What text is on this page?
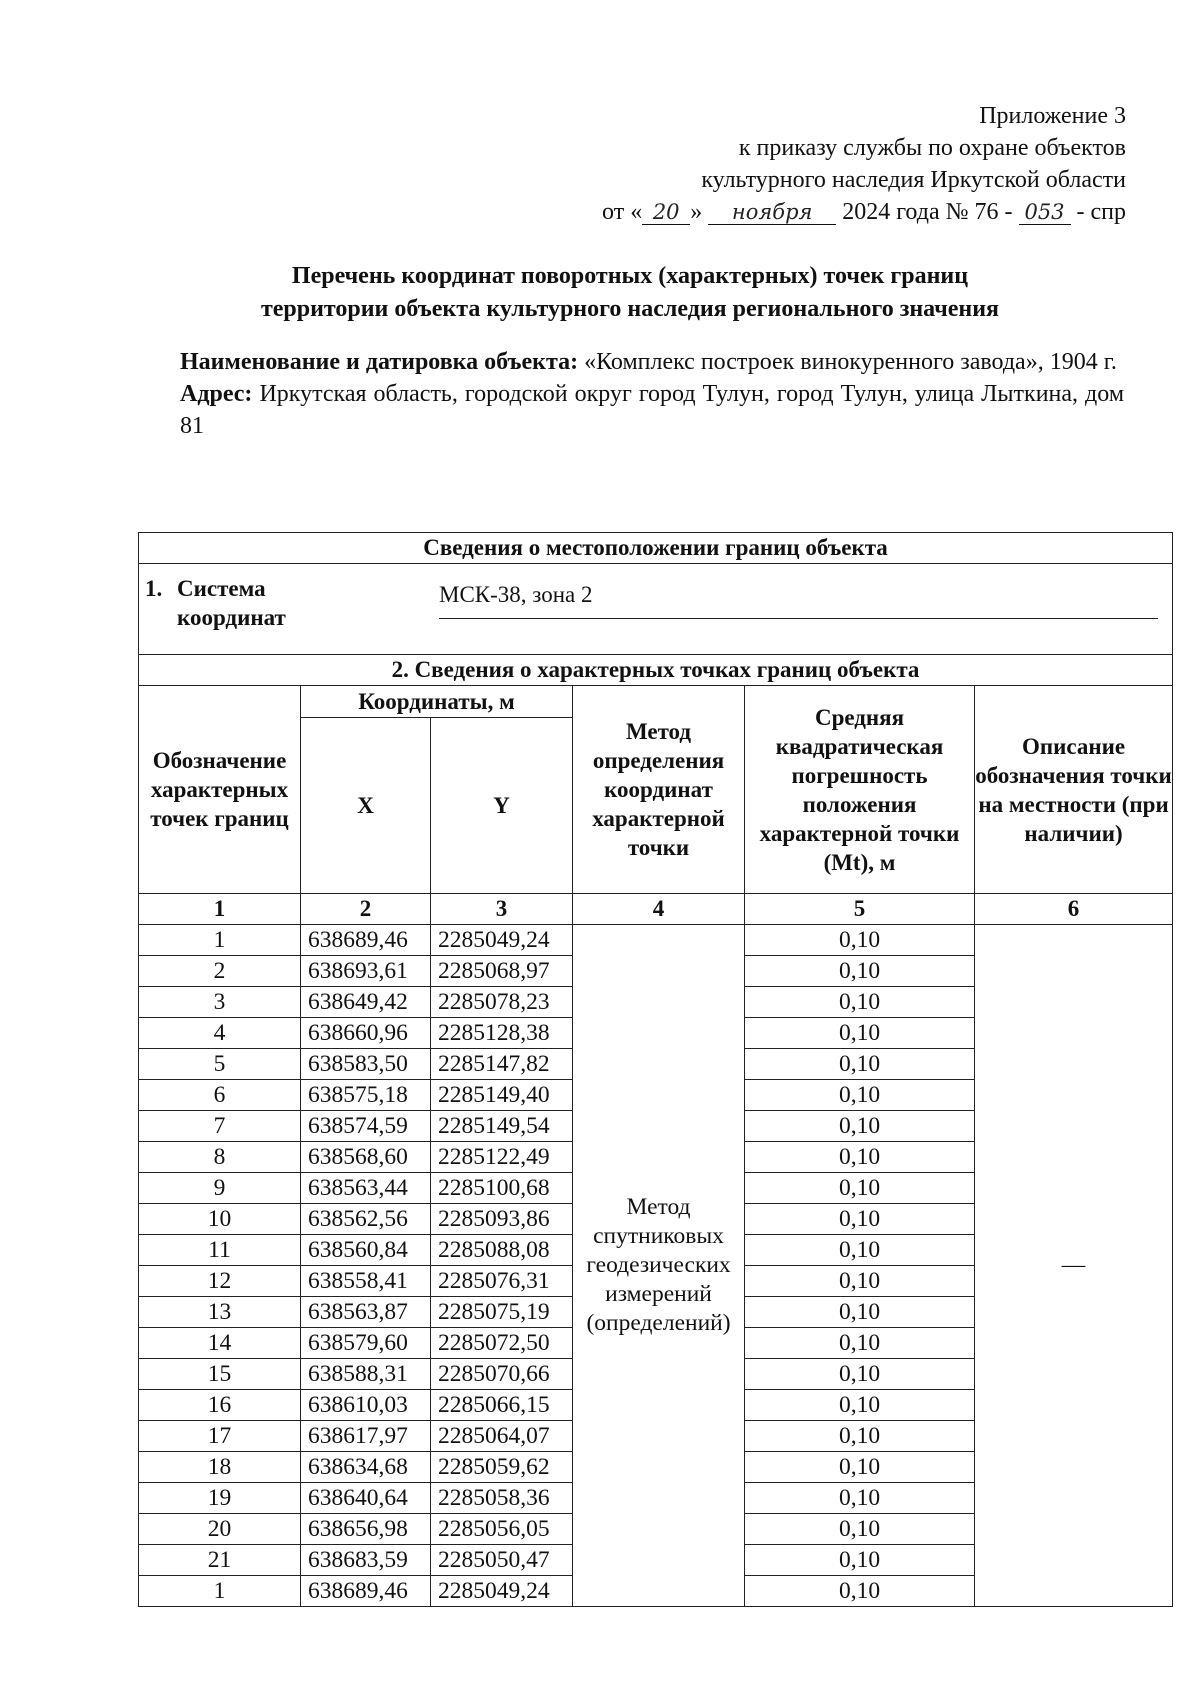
Приложение 3
к приказу службы по охране объектов
культурного наследия Иркутской области
от « 20 » ноября 2024 года № 76 - 053 - спр
Перечень координат поворотных (характерных) точек границ
территории объекта культурного наследия регионального значения

Наименование и датировка объекта: «Комплекс построек винокуренного завода», 1904 г.

Адрес: Иркутская область, городской округ город Тулун, город Тулун, улица Лыткина, дом 81

Сведения о местоположении границ объекта					

1. Система
координат
МСК-38, зона 2					

2. Сведения о характерных точках границ объекта					
Обозначение характерных точек границ	Координаты, м		Метод определения координат характерной точки	Средняя квадратическая погрешность положения характерной точки (Mt), м	Описание обозначения точки на местности (при наличии)
	X	Y			
1	2	3	4	5	6
1	638689,46	2285049,24	Метод спутниковых геодезических измерений (определений)	0,10	—
2	638693,61	2285068,97		0,10	
3	638649,42	2285078,23		0,10	
4	638660,96	2285128,38		0,10	
5	638583,50	2285147,82		0,10	
6	638575,18	2285149,40		0,10	
7	638574,59	2285149,54		0,10	
8	638568,60	2285122,49		0,10	
9	638563,44	2285100,68		0,10	
10	638562,56	2285093,86		0,10	
11	638560,84	2285088,08		0,10	
12	638558,41	2285076,31		0,10	
13	638563,87	2285075,19		0,10	
14	638579,60	2285072,50		0,10	
15	638588,31	2285070,66		0,10	
16	638610,03	2285066,15		0,10	
17	638617,97	2285064,07		0,10	
18	638634,68	2285059,62		0,10	
19	638640,64	2285058,36		0,10	
20	638656,98	2285056,05		0,10	
21	638683,59	2285050,47		0,10	
1	638689,46	2285049,24		0,10	
